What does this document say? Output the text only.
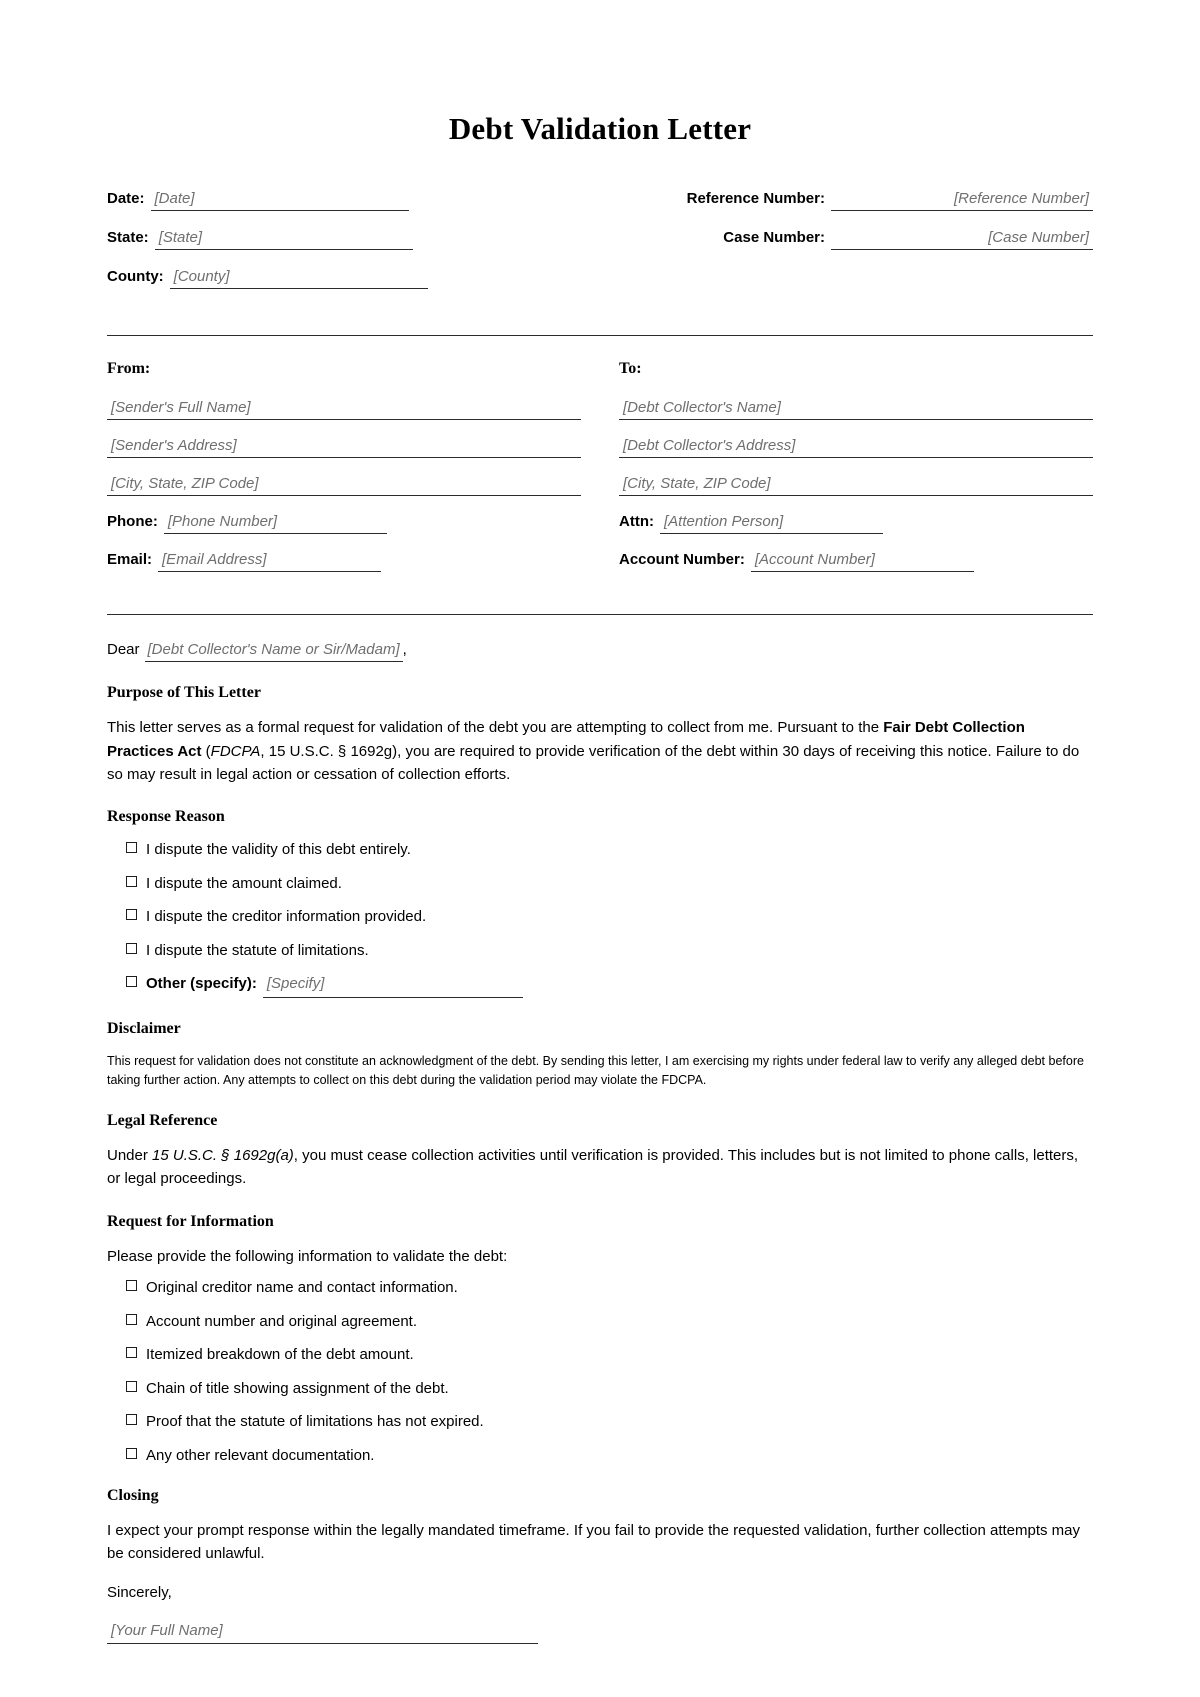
Debt Validation Letter
Date: [Date]
State: [State]
County: [County]
Reference Number:	[Reference Number]
Case Number:	[Case Number]
From:
[Sender's Full Name]
[Sender's Address]
[City, State, ZIP Code]
Phone: [Phone Number]
Email: [Email Address]
To:
[Debt Collector's Name]
[Debt Collector's Address]
[City, State, ZIP Code]
Attn: [Attention Person]
Account Number: [Account Number]
Dear [Debt Collector's Name or Sir/Madam] ,
Purpose of This Letter

This letter serves as a formal request for validation of the debt you are attempting to collect from me. Pursuant to the Fair Debt Collection Practices Act (FDCPA, 15 U.S.C. § 1692g), you are required to provide verification of the debt within 30 days of receiving this notice. Failure to do so may result in legal action or cessation of collection efforts.

Response Reason
I dispute the validity of this debt entirely.
I dispute the amount claimed.
I dispute the creditor information provided.
I dispute the statute of limitations.
Other (specify): [Specify]
Disclaimer

This request for validation does not constitute an acknowledgment of the debt. By sending this letter, I am exercising my rights under federal law to verify any alleged debt before taking further action. Any attempts to collect on this debt during the validation period may violate the FDCPA.

Legal Reference

Under 15 U.S.C. § 1692g(a), you must cease collection activities until verification is provided. This includes but is not limited to phone calls, letters, or legal proceedings.

Request for Information

Please provide the following information to validate the debt:

Original creditor name and contact information.
Account number and original agreement.
Itemized breakdown of the debt amount.
Chain of title showing assignment of the debt.
Proof that the statute of limitations has not expired.
Any other relevant documentation.
Closing

I expect your prompt response within the legally mandated timeframe. If you fail to provide the requested validation, further collection attempts may be considered unlawful.

Sincerely,
[Your Full Name]
